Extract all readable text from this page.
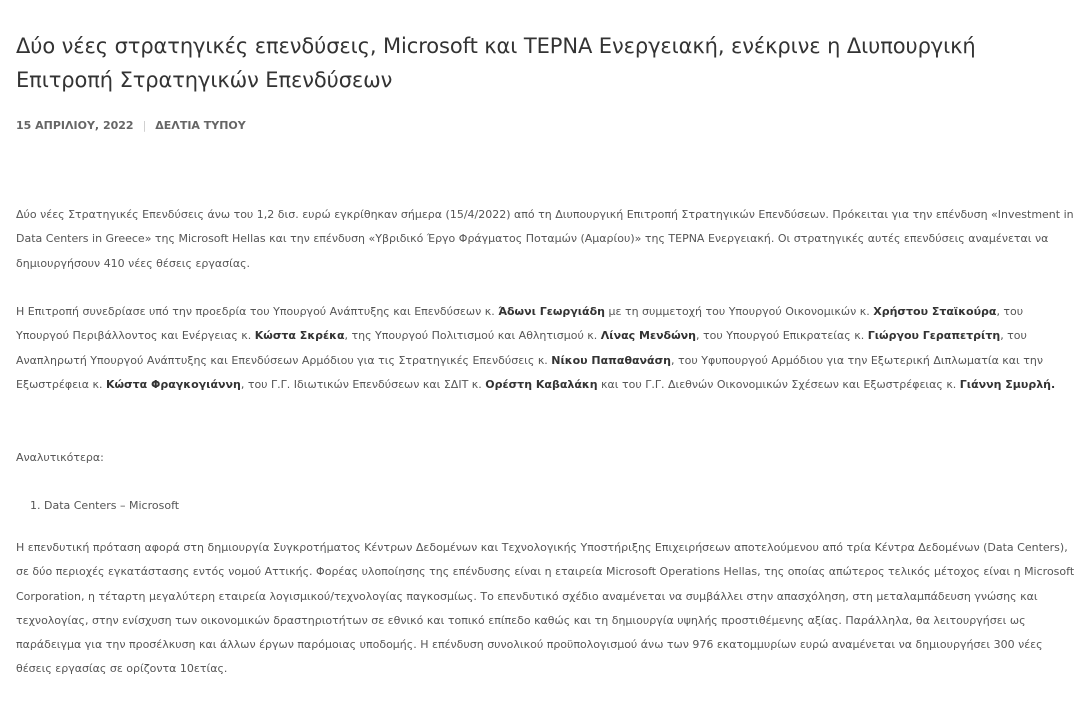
Δύο νέες στρατηγικές επενδύσεις, Microsoft και ΤΕΡΝΑ Ενεργειακή, ενέκρινε η Διυπουργική Επιτροπή Στρατηγικών Επενδύσεων
15 ΑΠΡΙΛΙΟΥ, 2022 | ΔΕΛΤΙΑ ΤΥΠΟΥ

Δύο νέες Στρατηγικές Επενδύσεις άνω του 1,2 δισ. ευρώ εγκρίθηκαν σήμερα (15/4/2022) από τη Διυπουργική Επιτροπή Στρατηγικών Επενδύσεων. Πρόκειται για την επένδυση «Investment in Data Centers in Greece» της Microsoft Hellas και την επένδυση «Υβριδικό Έργο Φράγματος Ποταμών (Αμαρίου)» της ΤΕΡΝΑ Ενεργειακή. Οι στρατηγικές αυτές επενδύσεις αναμένεται να δημιουργήσουν 410 νέες θέσεις εργασίας.

Η Επιτροπή συνεδρίασε υπό την προεδρία του Υπουργού Ανάπτυξης και Επενδύσεων κ. Άδωνι Γεωργιάδη με τη συμμετοχή του Υπουργού Οικονομικών κ. Χρήστου Σταϊκούρα, του Υπουργού Περιβάλλοντος και Ενέργειας κ. Κώστα Σκρέκα, της Υπουργού Πολιτισμού και Αθλητισμού κ. Λίνας Μενδώνη, του Υπουργού Επικρατείας κ. Γιώργου Γεραπετρίτη, του Αναπληρωτή Υπουργού Ανάπτυξης και Επενδύσεων Αρμόδιου για τις Στρατηγικές Επενδύσεις κ. Νίκου Παπαθανάση, του Υφυπουργού Αρμόδιου για την Εξωτερική Διπλωματία και την Εξωστρέφεια κ. Κώστα Φραγκογιάννη, του Γ.Γ. Ιδιωτικών Επενδύσεων και ΣΔΙΤ κ. Ορέστη Καβαλάκη και του Γ.Γ. Διεθνών Οικονομικών Σχέσεων και Εξωστρέφειας κ. Γιάννη Σμυρλή.

Αναλυτικότερα:

1. Data Centers – Microsoft

Η επενδυτική πρόταση αφορά στη δημιουργία Συγκροτήματος Κέντρων Δεδομένων και Τεχνολογικής Υποστήριξης Επιχειρήσεων αποτελούμενου από τρία Κέντρα Δεδομένων (Data Centers), σε δύο περιοχές εγκατάστασης εντός νομού Αττικής. Φορέας υλοποίησης της επένδυσης είναι η εταιρεία Microsoft Operations Hellas, της οποίας απώτερος τελικός μέτοχος είναι η Microsoft Corporation, η τέταρτη μεγαλύτερη εταιρεία λογισμικού/τεχνολογίας παγκοσμίως. Το επενδυτικό σχέδιο αναμένεται να συμβάλλει στην απασχόληση, στη μεταλαμπάδευση γνώσης και τεχνολογίας, στην ενίσχυση των οικονομικών δραστηριοτήτων σε εθνικό και τοπικό επίπεδο καθώς και τη δημιουργία υψηλής προστιθέμενης αξίας. Παράλληλα, θα λειτουργήσει ως παράδειγμα για την προσέλκυση και άλλων έργων παρόμοιας υποδομής. Η επένδυση συνολικού προϋπολογισμού άνω των 976 εκατομμυρίων ευρώ αναμένεται να δημιουργήσει 300 νέες θέσεις εργασίας σε ορίζοντα 10ετίας.
